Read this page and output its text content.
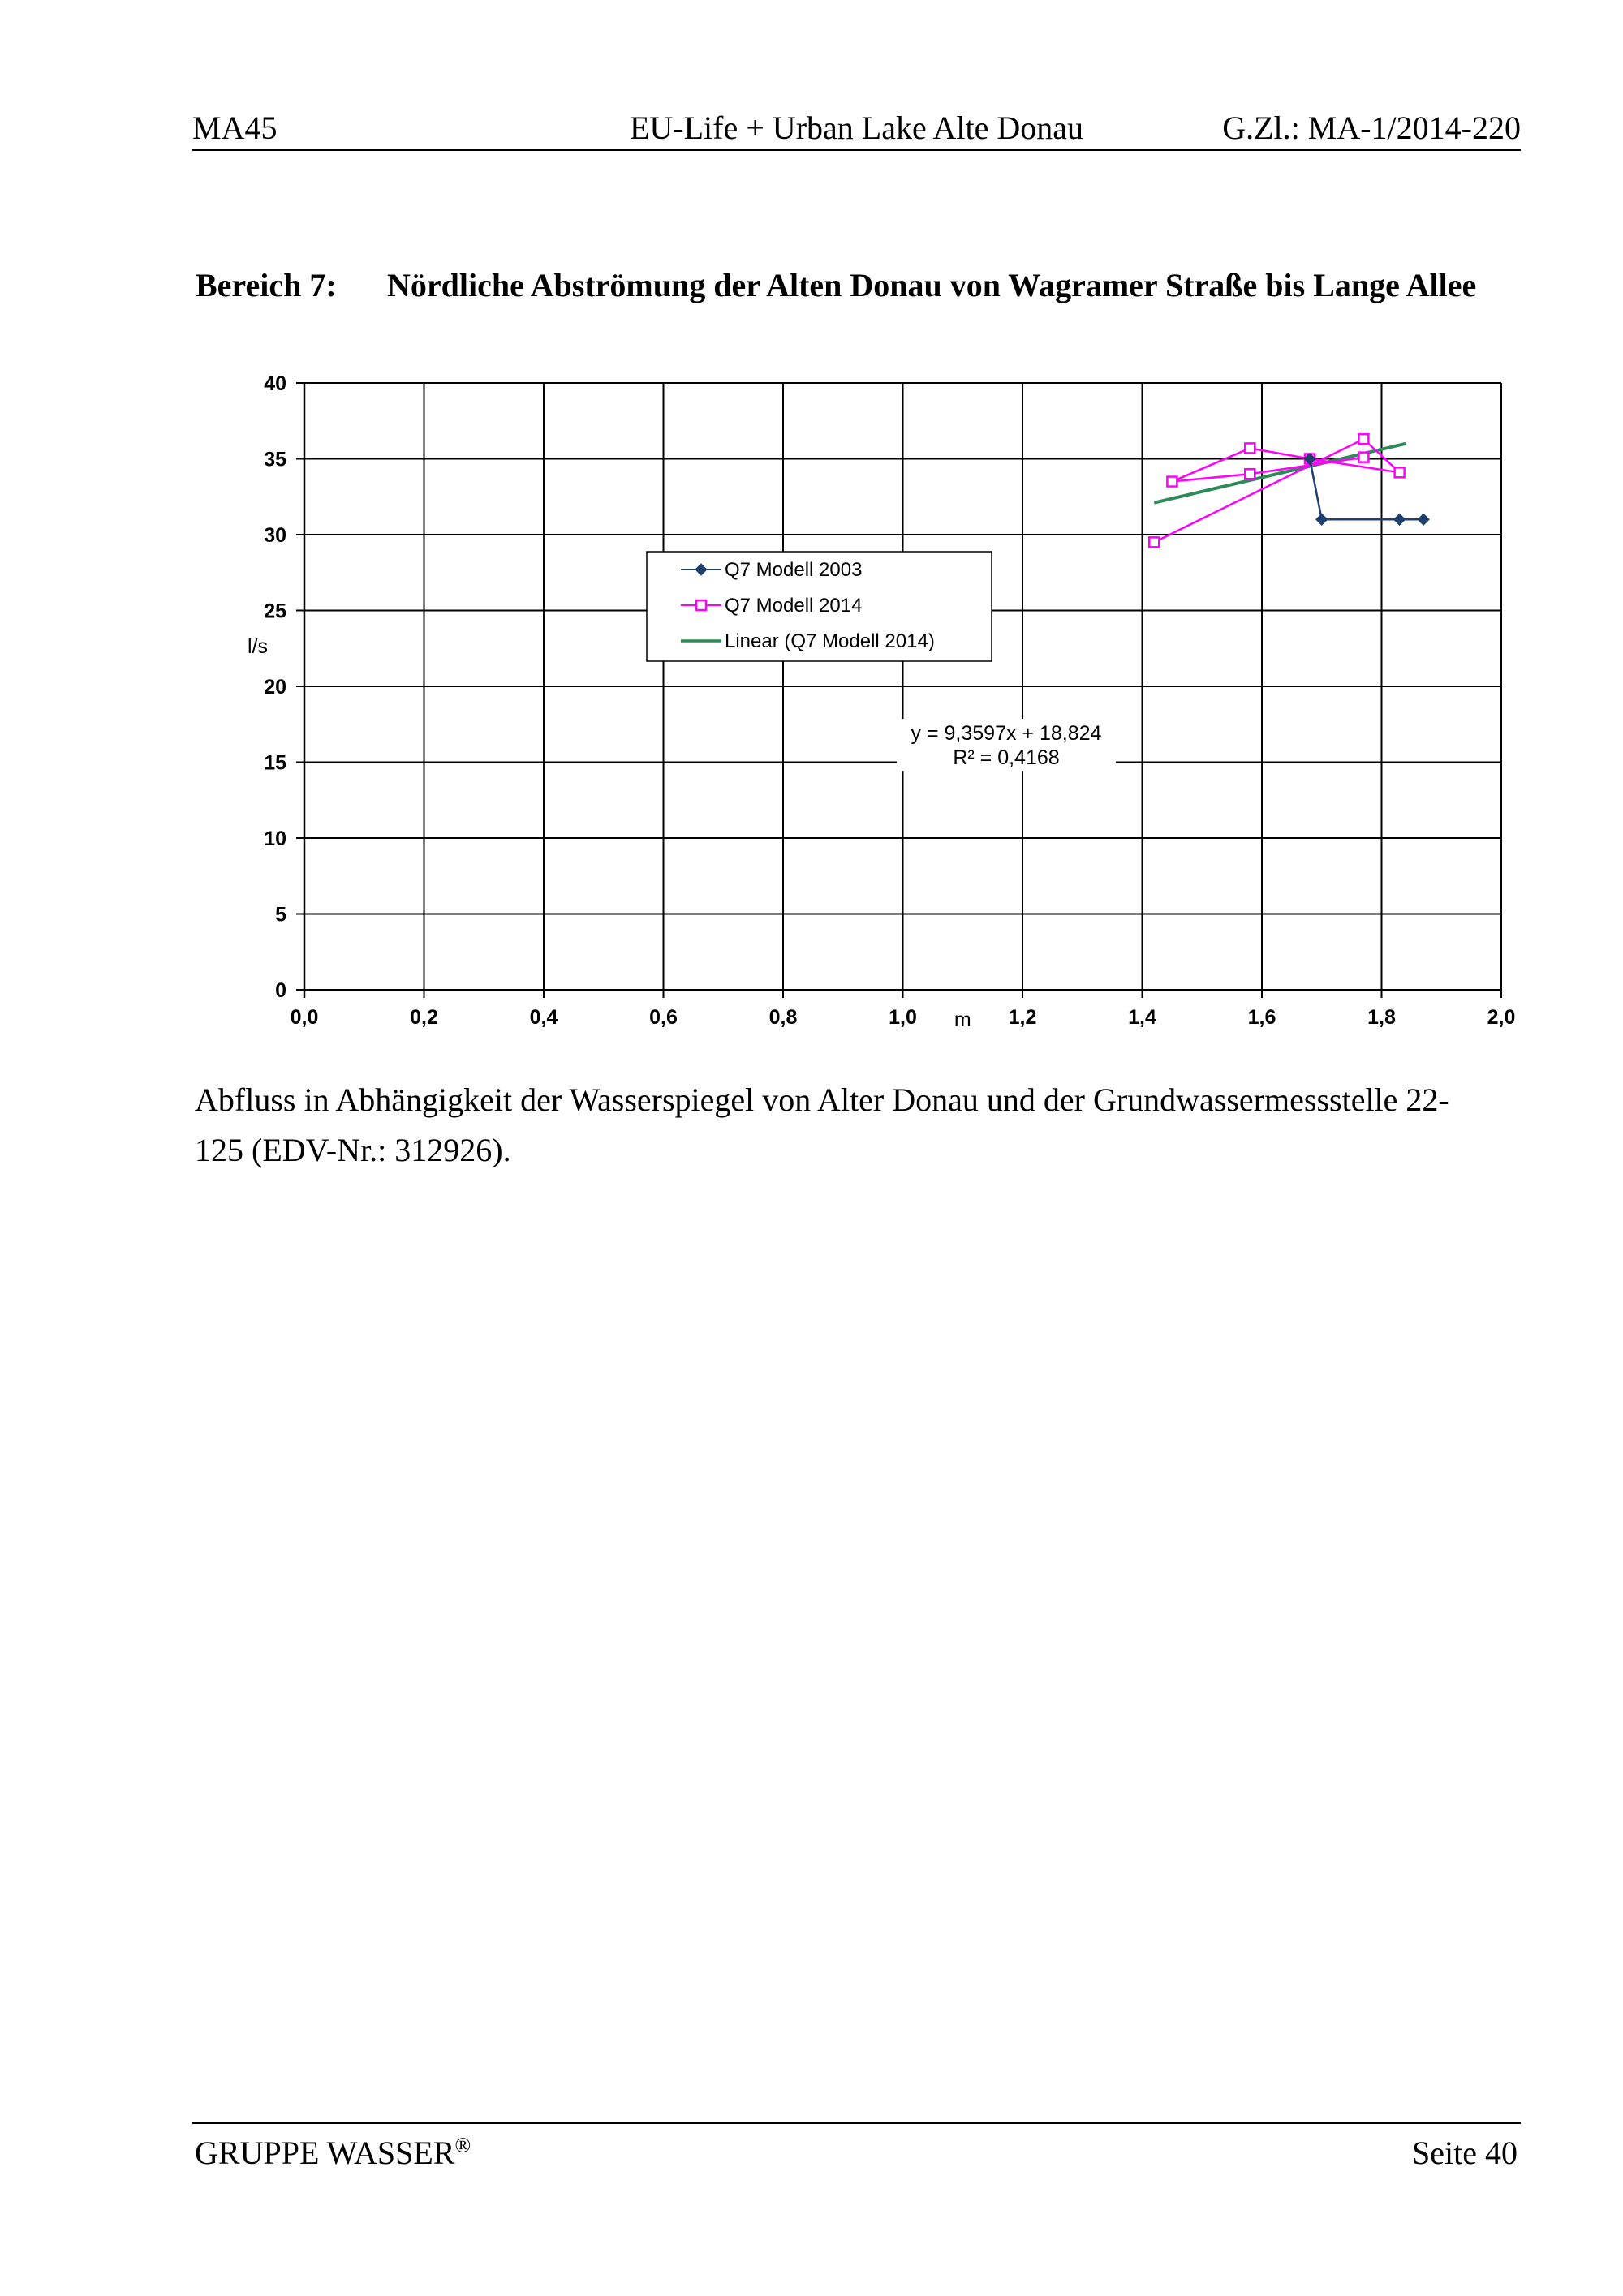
MA45	EU-Life + Urban Lake Alte Donau	G.Zl.: MA-1/2014-220
Bereich 7: Nördliche Abströmung der Alten Donau von Wagramer Straße bis Lange Allee
0,0	0,2	0,4	0,6	0,8	1,0	1,2	1,4	1,6	1,8	2,0
0
5
10
15
20
25
30
35
40
m
l/s
y = 9,3597x + 18,824
R² = 0,4168
Q7 Modell 2003
Q7 Modell 2014
Linear (Q7 Modell 2014)
Abfluss in Abhängigkeit der Wasserspiegel von Alter Donau und der Grundwassermessstelle 22-125 (EDV-Nr.: 312926).
GRUPPE WASSER®	Seite 40
